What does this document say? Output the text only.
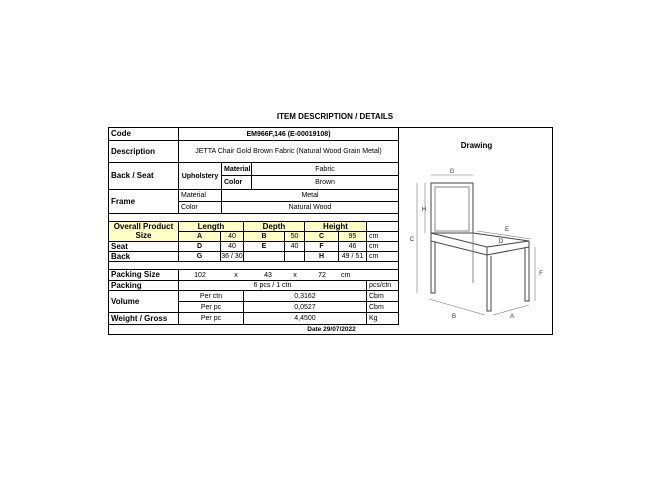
ITEM DESCRIPTION / DETAILS
Code	EM966F,146 (E-00019108)
Drawing
Description	JETTA Chair Gold Brown Fabric (Natural Wood Grain Metal)
Back / Seat	Upholstery
Material	Fabric
Color	Brown
Frame
Material	Metal
Color	Natural Wood
Overall Product Size
Length	Depth	Height
A	40	B	50	C	95	cm
Seat	D	40	E	40	F	46	cm
Back	G	36 / 30	H	49 / 51 cm
Packing Size	102	x	43	x	72	cm
Packing	6 pcs / 1 ctn	pcs/ctn
Volume
Per ctn	0,3162	Cbm
Per pc	0,0527	Cbm
Weight / Gross	Per pc	4,4500	Kg
Date 29/07/2022
G
C
H
E
D
F
B	A
